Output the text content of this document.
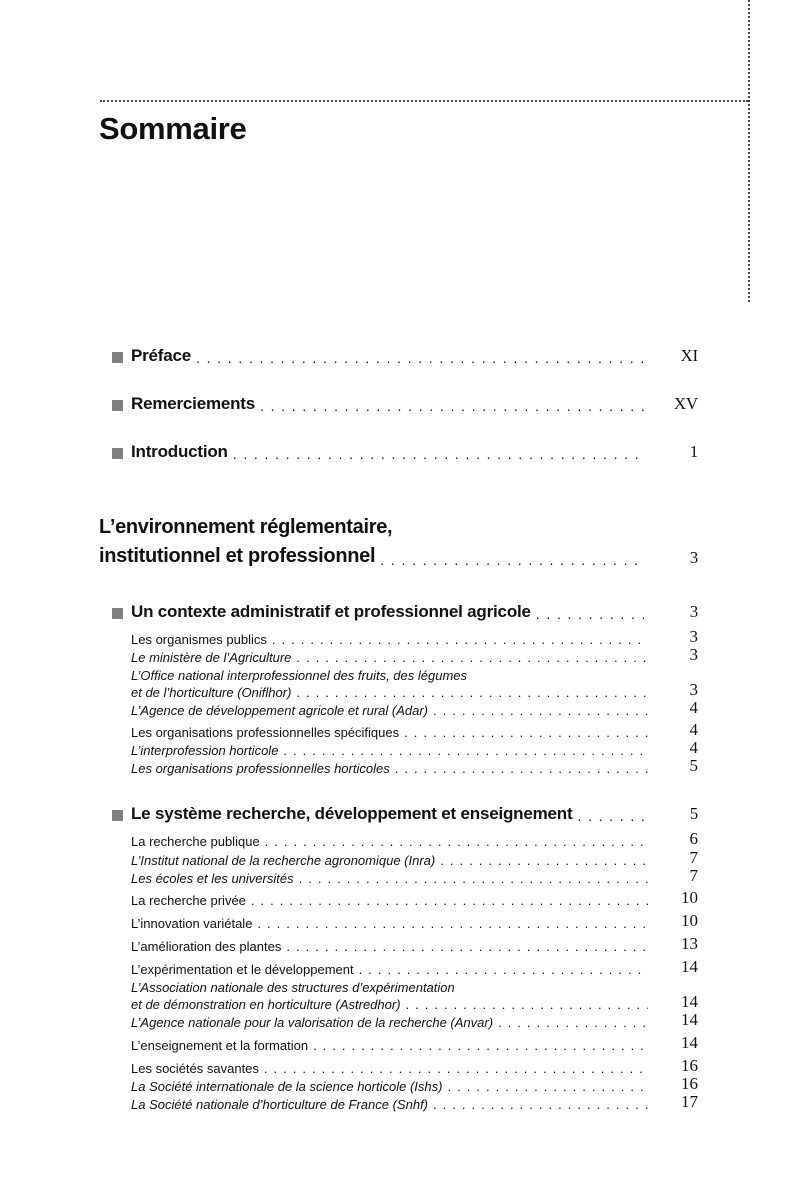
Sommaire
Préface . . .	XI
Remerciements . . .	XV
Introduction . . .	1
L’environnement réglementaire,
institutionnel et professionnel . . .	3
Un contexte administratif et professionnel agricole . . .	3
Les organismes publics . . .	3
Le ministère de l’Agriculture . . .	3
L’Office national interprofessionnel des fruits, des légumes
et de l’horticulture (Oniflhor) . . .	3
L’Agence de développement agricole et rural (Adar) . . .	4
Les organisations professionnelles spécifiques . . .	4
L’interprofession horticole . . .	4
Les organisations professionnelles horticoles . . .	5
Le système recherche, développement et enseignement . . .	5
La recherche publique . . .	6
L’Institut national de la recherche agronomique (Inra) . . .	7
Les écoles et les universités . . .	7
La recherche privée . . .	10
L’innovation variétale . . .	10
L’amélioration des plantes . . .	13
L’expérimentation et le développement . . .	14
L’Association nationale des structures d’expérimentation
et de démonstration en horticulture (Astredhor) . . .	14
L’Agence nationale pour la valorisation de la recherche (Anvar) . . .	14
L’enseignement et la formation . . .	14
Les sociétés savantes . . .	16
La Société internationale de la science horticole (Ishs) . . .	16
La Société nationale d’horticulture de France (Snhf) . . .	17
